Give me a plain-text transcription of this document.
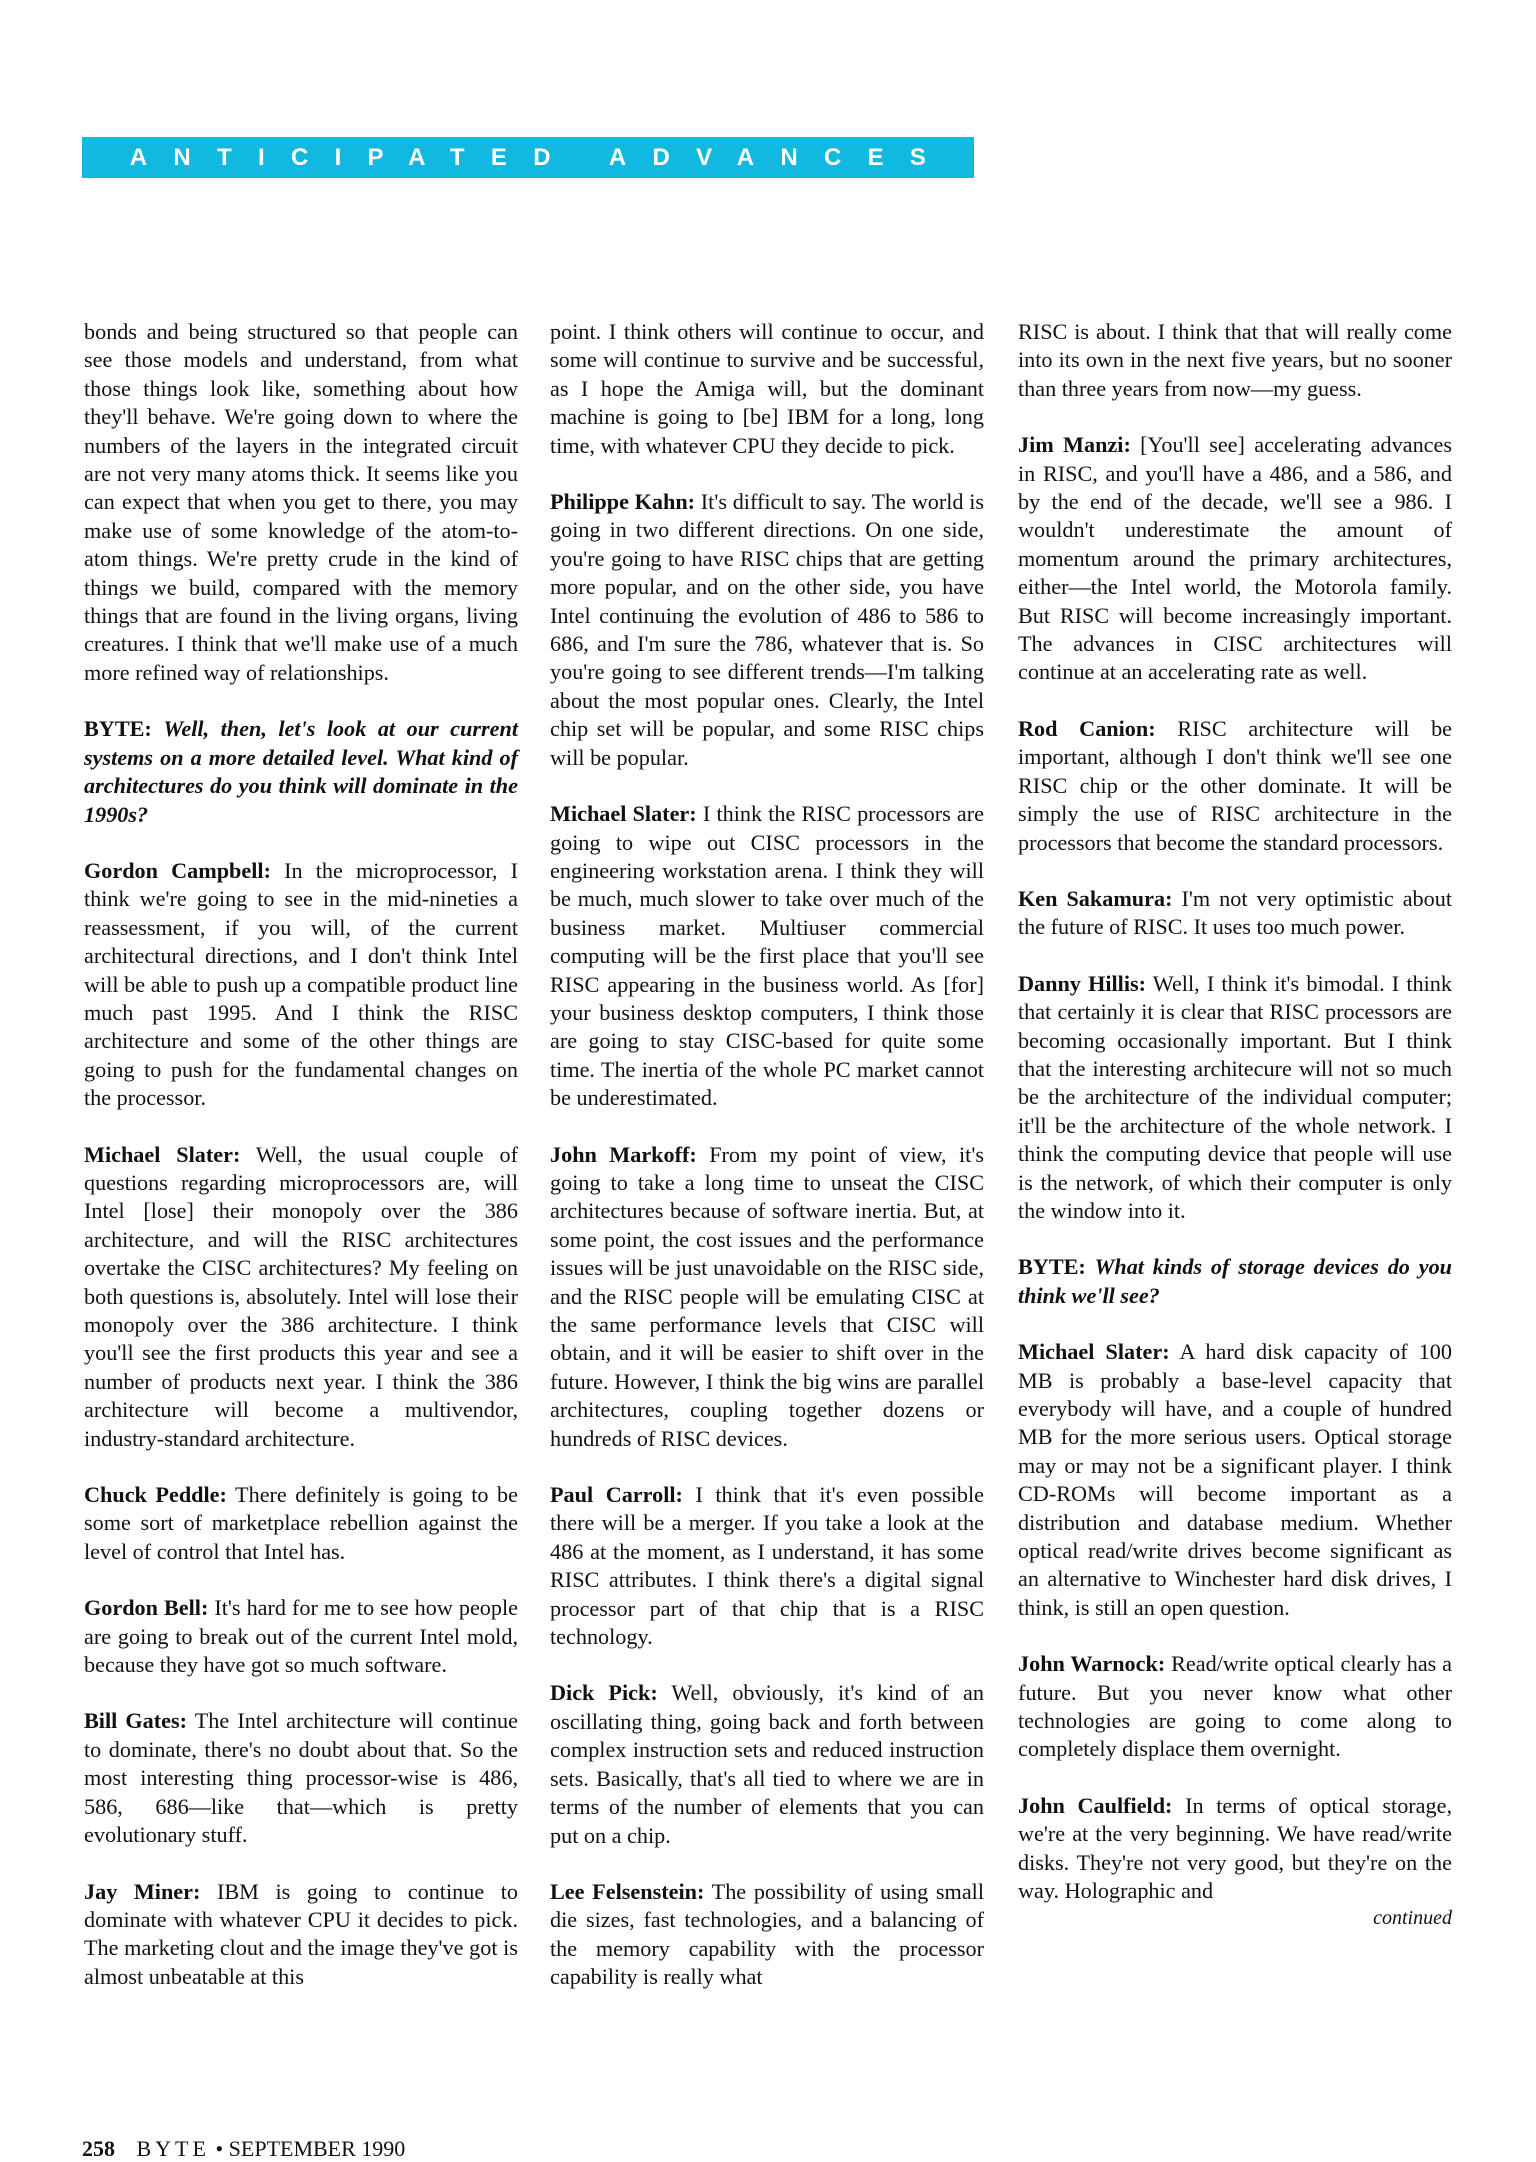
ANTICIPATED ADVANCES

bonds and being structured so that people can see those models and understand, from what those things look like, something about how they'll behave. We're going down to where the numbers of the layers in the integrated circuit are not very many atoms thick. It seems like you can expect that when you get to there, you may make use of some knowledge of the atom-to-atom things. We're pretty crude in the kind of things we build, compared with the memory things that are found in the living organs, living creatures. I think that we'll make use of a much more refined way of relationships.

BYTE: Well, then, let's look at our current systems on a more detailed level. What kind of architectures do you think will dominate in the 1990s?

Gordon Campbell: In the microprocessor, I think we're going to see in the mid-nineties a reassessment, if you will, of the current architectural directions, and I don't think Intel will be able to push up a compatible product line much past 1995. And I think the RISC architecture and some of the other things are going to push for the fundamental changes on the processor.

Michael Slater: Well, the usual couple of questions regarding microprocessors are, will Intel [lose] their monopoly over the 386 architecture, and will the RISC architectures overtake the CISC architectures? My feeling on both questions is, absolutely. Intel will lose their monopoly over the 386 architecture. I think you'll see the first products this year and see a number of products next year. I think the 386 architecture will become a multivendor, industry-standard architecture.

Chuck Peddle: There definitely is going to be some sort of marketplace rebellion against the level of control that Intel has.

Gordon Bell: It's hard for me to see how people are going to break out of the current Intel mold, because they have got so much software.

Bill Gates: The Intel architecture will continue to dominate, there's no doubt about that. So the most interesting thing processor-wise is 486, 586, 686—like that—which is pretty evolutionary stuff.

Jay Miner: IBM is going to continue to dominate with whatever CPU it decides to pick. The marketing clout and the image they've got is almost unbeatable at this

point. I think others will continue to occur, and some will continue to survive and be successful, as I hope the Amiga will, but the dominant machine is going to [be] IBM for a long, long time, with whatever CPU they decide to pick.

Philippe Kahn: It's difficult to say. The world is going in two different directions. On one side, you're going to have RISC chips that are getting more popular, and on the other side, you have Intel continuing the evolution of 486 to 586 to 686, and I'm sure the 786, whatever that is. So you're going to see different trends—I'm talking about the most popular ones. Clearly, the Intel chip set will be popular, and some RISC chips will be popular.

Michael Slater: I think the RISC processors are going to wipe out CISC processors in the engineering workstation arena. I think they will be much, much slower to take over much of the business market. Multiuser commercial computing will be the first place that you'll see RISC appearing in the business world. As [for] your business desktop computers, I think those are going to stay CISC-based for quite some time. The inertia of the whole PC market cannot be underestimated.

John Markoff: From my point of view, it's going to take a long time to unseat the CISC architectures because of software inertia. But, at some point, the cost issues and the performance issues will be just unavoidable on the RISC side, and the RISC people will be emulating CISC at the same performance levels that CISC will obtain, and it will be easier to shift over in the future. However, I think the big wins are parallel architectures, coupling together dozens or hundreds of RISC devices.

Paul Carroll: I think that it's even possible there will be a merger. If you take a look at the 486 at the moment, as I understand, it has some RISC attributes. I think there's a digital signal processor part of that chip that is a RISC technology.

Dick Pick: Well, obviously, it's kind of an oscillating thing, going back and forth between complex instruction sets and reduced instruction sets. Basically, that's all tied to where we are in terms of the number of elements that you can put on a chip.

Lee Felsenstein: The possibility of using small die sizes, fast technologies, and a balancing of the memory capability with the processor capability is really what

RISC is about. I think that that will really come into its own in the next five years, but no sooner than three years from now—my guess.

Jim Manzi: [You'll see] accelerating advances in RISC, and you'll have a 486, and a 586, and by the end of the decade, we'll see a 986. I wouldn't underestimate the amount of momentum around the primary architectures, either—the Intel world, the Motorola family. But RISC will become increasingly important. The advances in CISC architectures will continue at an accelerating rate as well.

Rod Canion: RISC architecture will be important, although I don't think we'll see one RISC chip or the other dominate. It will be simply the use of RISC architecture in the processors that become the standard processors.

Ken Sakamura: I'm not very optimistic about the future of RISC. It uses too much power.

Danny Hillis: Well, I think it's bimodal. I think that certainly it is clear that RISC processors are becoming occasionally important. But I think that the interesting architecure will not so much be the architecture of the individual computer; it'll be the architecture of the whole network. I think the computing device that people will use is the network, of which their computer is only the window into it.

BYTE: What kinds of storage devices do you think we'll see?

Michael Slater: A hard disk capacity of 100 MB is probably a base-level capacity that everybody will have, and a couple of hundred MB for the more serious users. Optical storage may or may not be a significant player. I think CD-ROMs will become important as a distribution and database medium. Whether optical read/write drives become significant as an alternative to Winchester hard disk drives, I think, is still an open question.

John Warnock: Read/write optical clearly has a future. But you never know what other technologies are going to come along to completely displace them overnight.

John Caulfield: In terms of optical storage, we're at the very beginning. We have read/write disks. They're not very good, but they're on the way. Holographic and

continued
258 BYTE • SEPTEMBER 1990
